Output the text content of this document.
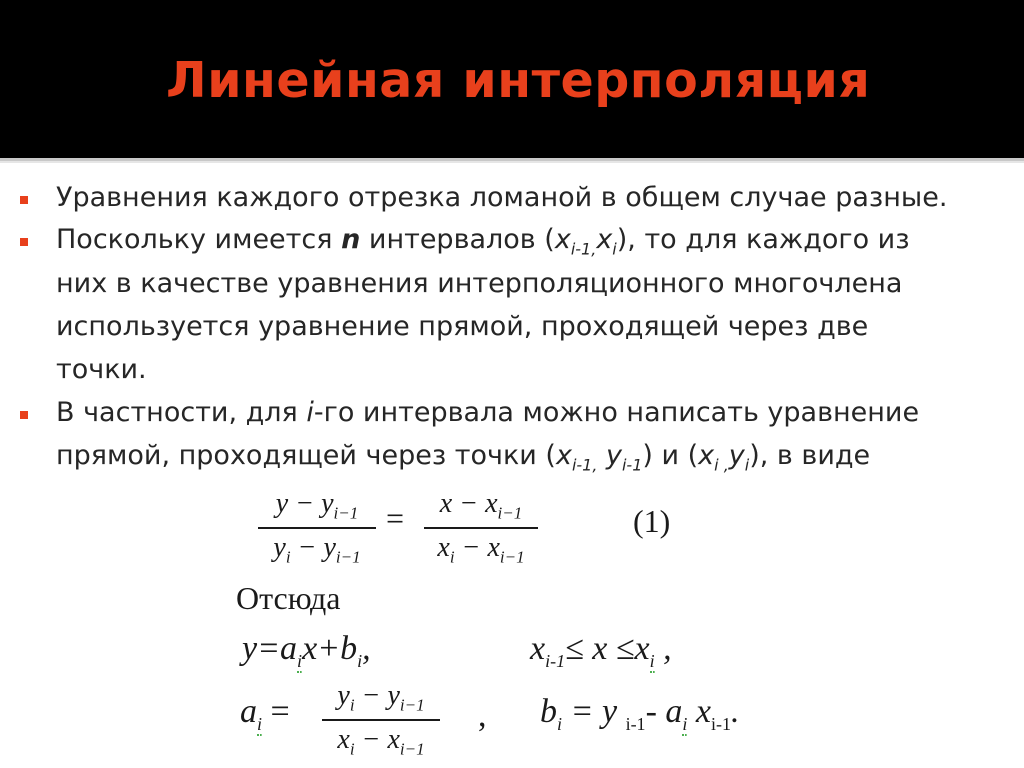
Линейная интерполяция
Уравнения каждого отрезка ломаной в общем случае разные.
Поскольку имеется n интервалов $(x_{i-1,}x_i)$, то для каждого из
них в качестве уравнения интерполяционного многочлена
используется уравнение прямой, проходящей через две
точки.
В частности, для i-го интервала можно написать уравнение
прямой, проходящей через точки ($x_{i-1,}$ $y_{i-1}$) и $(x_{i ,}y_i)$, в виде
$y - y_{i-1}$
$y_i - y_{i-1}$
=	$x - x_{i-1}$
$x_i - x_{i-1}$
(1)
Отсюда
$y=a_ix+b_i$,	$x_{i-1}\le x \le x_i$ ,
$a_i$ =	$y_i - y_{i-1}$
$x_i - x_{i-1}$
, $b_i = y$ $_{i-1}$- $a_i$ $x_{i-1}$.
